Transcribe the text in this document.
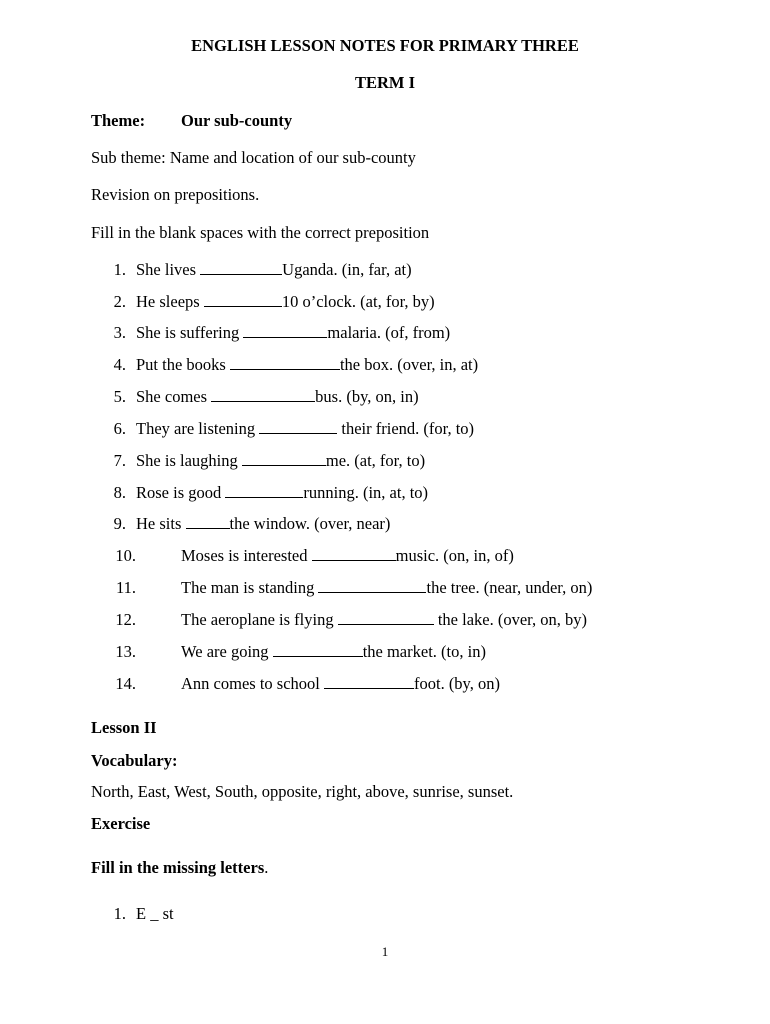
ENGLISH LESSON NOTES FOR PRIMARY THREE
TERM I
Theme: Our sub-county
Sub theme: Name and location of our sub-county
Revision on prepositions.
Fill in the blank spaces with the correct preposition
1. She lives	Uganda. (in, far, at)
2. He sleeps	10 o’clock. (at, for, by)
3. She is suffering	malaria. (of, from)
4. Put the books	the box. (over, in, at)
5. She comes	bus. (by, on, in)
6. They are listening	their friend. (for, to)
7. She is laughing	me. (at, for, to)
8. Rose is good	running. (in, at, to)
9. He sits	the window. (over, near)
10.	Moses is interested	music. (on, in, of)
11.	The man is standing	the tree. (near, under, on)
12.	The aeroplane is flying	the lake. (over, on, by)
13.	We are going	the market. (to, in)
14.	Ann comes to school	foot. (by, on)
Lesson II
Vocabulary:
North, East, West, South, opposite, right, above, sunrise, sunset.
Exercise
Fill in the missing letters.
1. E _ st
1
